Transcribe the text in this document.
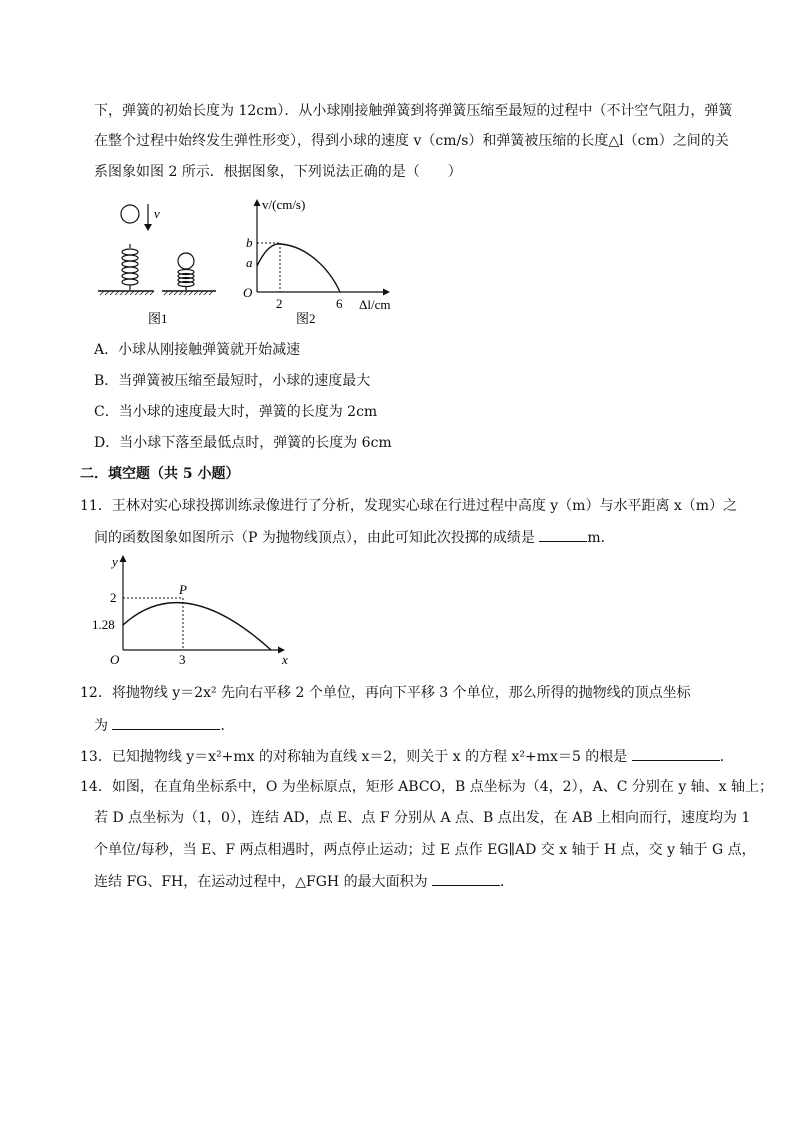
下，弹簧的初始长度为 12cm）．从小球刚接触弹簧到将弹簧压缩至最短的过程中（不计空气阻力，弹簧
在整个过程中始终发生弹性形变），得到小球的速度 v（cm/s）和弹簧被压缩的长度△l（cm）之间的关
系图象如图 2 所示．根据图象，下列说法正确的是（　　）
v
图1
v/(cm/s)
Δl/cm
O
b
a
2	6
图2
A．小球从刚接触弹簧就开始减速
B．当弹簧被压缩至最短时，小球的速度最大
C．当小球的速度最大时，弹簧的长度为 2cm
D．当小球下落至最低点时，弹簧的长度为 6cm
二．填空题（共 5 小题）
11．王林对实心球投掷训练录像进行了分析，发现实心球在行进过程中高度 y（m）与水平距离 x（m）之
间的函数图象如图所示（P 为抛物线顶点），由此可知此次投掷的成绩是	m．
y
x
O
P
2
1.28
3
12．将抛物线 y＝2x² 先向右平移 2 个单位，再向下平移 3 个单位，那么所得的抛物线的顶点坐标
为	．
13．已知抛物线 y＝x²+mx 的对称轴为直线 x＝2，则关于 x 的方程 x²+mx＝5 的根是	．
14．如图，在直角坐标系中，O 为坐标原点，矩形 ABCO，B 点坐标为（4，2），A、C 分别在 y 轴、x 轴上；
若 D 点坐标为（1，0），连结 AD，点 E、点 F 分别从 A 点、B 点出发，在 AB 上相向而行，速度均为 1
个单位/每秒，当 E、F 两点相遇时，两点停止运动；过 E 点作 EG∥AD 交 x 轴于 H 点，交 y 轴于 G 点，
连结 FG、FH，在运动过程中，△FGH 的最大面积为	．
